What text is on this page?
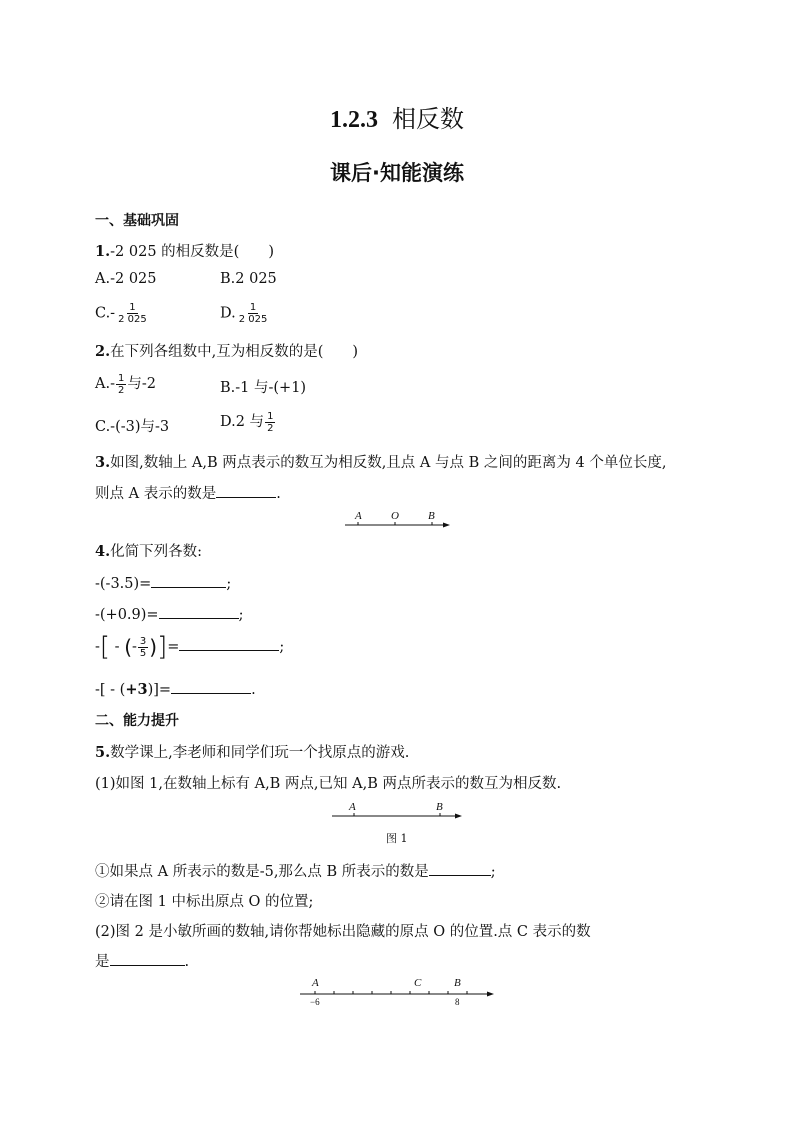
1.2.3 相反数
课后·知能演练
一、基础巩固
1.-2 025 的相反数是(　　)
A.-2 025	B.2 025
$C.- \frac{1}{2 025}$	D. $\frac{1}{2 025}$
2.在下列各组数中,互为相反数的是(　　)
$A.- \frac{1}{2}$ 与-2	B.-1 与-(+1)
C.-(-3)与-3	D.2 与 $\frac{1}{2}$
3.如图,数轴上 A,B 两点表示的数互为相反数,且点 A 与点 B 之间的距离为 4 个单位长度,
则点 A 表示的数是	.
A	O	B
4.化简下列各数:
-(-3.5)=	;
-(+0.9)=	;
-[ - (- $\frac{3}{5}$ )]=	;
-[ - (+3)]=	.
二、能力提升
5.数学课上,李老师和同学们玩一个找原点的游戏.
(1)如图 1,在数轴上标有 A,B 两点,已知 A,B 两点所表示的数互为相反数.
A	B
图 1
①如果点 A 所表示的数是-5,那么点 B 所表示的数是	;
②请在图 1 中标出原点 O 的位置;
(2)图 2 是小敏所画的数轴,请你帮她标出隐藏的原点 O 的位置.点 C 表示的数
是	.
A	C	B
−6	8
